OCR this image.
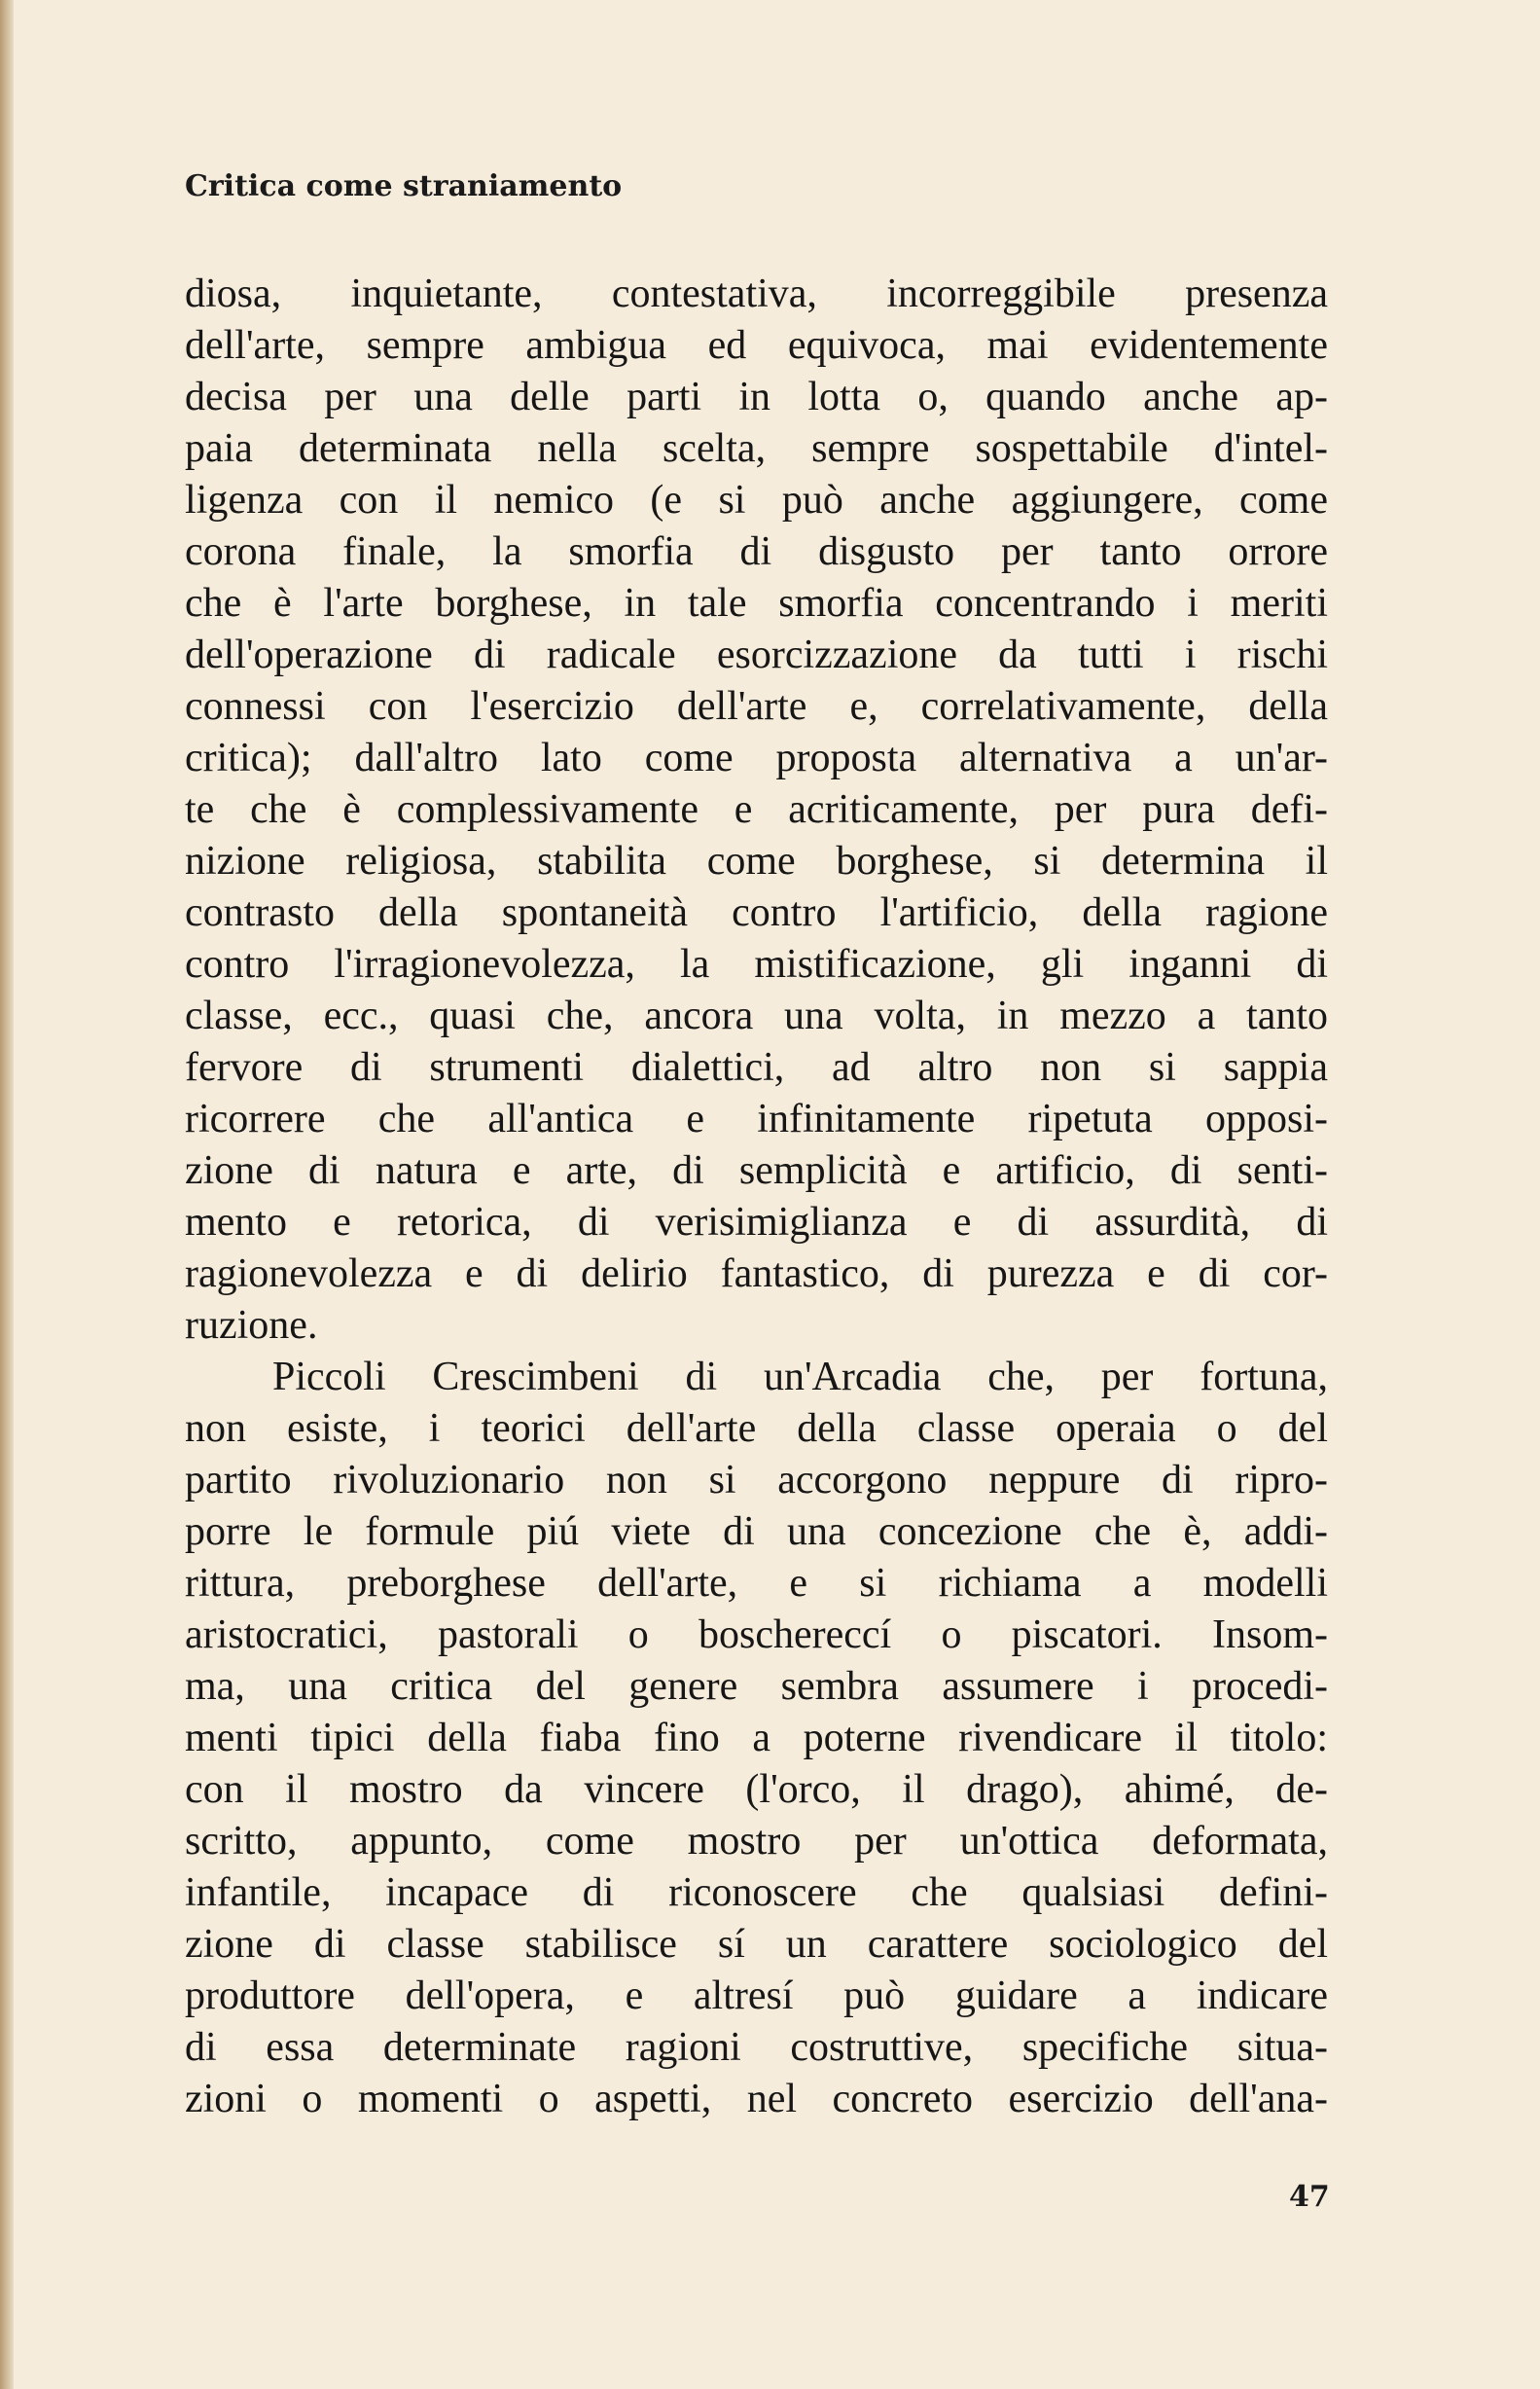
Critica come straniamento
diosa, inquietante, contestativa, incorreggibile presenza
dell'arte, sempre ambigua ed equivoca, mai evidentemente
decisa per una delle parti in lotta o, quando anche ap-
paia determinata nella scelta, sempre sospettabile d'intel-
ligenza con il nemico (e si può anche aggiungere, come
corona finale, la smorfia di disgusto per tanto orrore
che è l'arte borghese, in tale smorfia concentrando i meriti
dell'operazione di radicale esorcizzazione da tutti i rischi
connessi con l'esercizio dell'arte e, correlativamente, della
critica); dall'altro lato come proposta alternativa a un'ar-
te che è complessivamente e acriticamente, per pura defi-
nizione religiosa, stabilita come borghese, si determina il
contrasto della spontaneità contro l'artificio, della ragione
contro l'irragionevolezza, la mistificazione, gli inganni di
classe, ecc., quasi che, ancora una volta, in mezzo a tanto
fervore di strumenti dialettici, ad altro non si sappia
ricorrere che all'antica e infinitamente ripetuta opposi-
zione di natura e arte, di semplicità e artificio, di senti-
mento e retorica, di verisimiglianza e di assurdità, di
ragionevolezza e di delirio fantastico, di purezza e di cor-
ruzione.
Piccoli Crescimbeni di un'Arcadia che, per fortuna,
non esiste, i teorici dell'arte della classe operaia o del
partito rivoluzionario non si accorgono neppure di ripro-
porre le formule piú viete di una concezione che è, addi-
rittura, preborghese dell'arte, e si richiama a modelli
aristocratici, pastorali o boschereccí o piscatori. Insom-
ma, una critica del genere sembra assumere i procedi-
menti tipici della fiaba fino a poterne rivendicare il titolo:
con il mostro da vincere (l'orco, il drago), ahimé, de-
scritto, appunto, come mostro per un'ottica deformata,
infantile, incapace di riconoscere che qualsiasi defini-
zione di classe stabilisce sí un carattere sociologico del
produttore dell'opera, e altresí può guidare a indicare
di essa determinate ragioni costruttive, specifiche situa-
zioni o momenti o aspetti, nel concreto esercizio dell'ana-
47
